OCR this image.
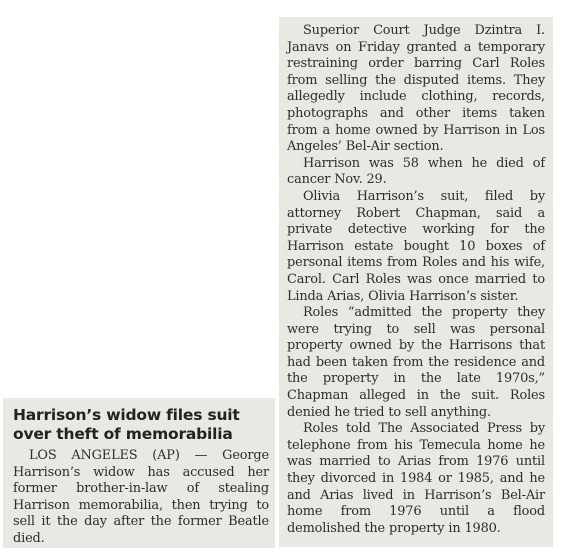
Superior Court Judge Dzintra I. Janavs on Friday granted a temporary restraining order barring Carl Roles from selling the disputed items. They allegedly include clothing, records, photographs and other items taken from a home owned by Harrison in Los Angeles’ Bel-Air section.

Harrison was 58 when he died of cancer Nov. 29.

Olivia Harrison’s suit, filed by attorney Robert Chapman, said a private detective working for the Harrison estate bought 10 boxes of personal items from Roles and his wife, Carol. Carl Roles was once married to Linda Arias, Olivia Harrison’s sister.

Roles “admitted the property they were trying to sell was personal property owned by the Harrisons that had been taken from the residence and the property in the late 1970s,” Chapman alleged in the suit. Roles denied he tried to sell anything.

Roles told The Associated Press by telephone from his Temecula home he was married to Arias from 1976 until they divorced in 1984 or 1985, and he and Arias lived in Harrison’s Bel-Air home from 1976 until a flood demolished the property in 1980.

Harrison’s widow files suit
over theft of memorabilia

LOS ANGELES (AP) — George Harrison’s widow has accused her former brother-in-law of stealing Harrison memorabilia, then trying to sell it the day after the former Beatle died.
